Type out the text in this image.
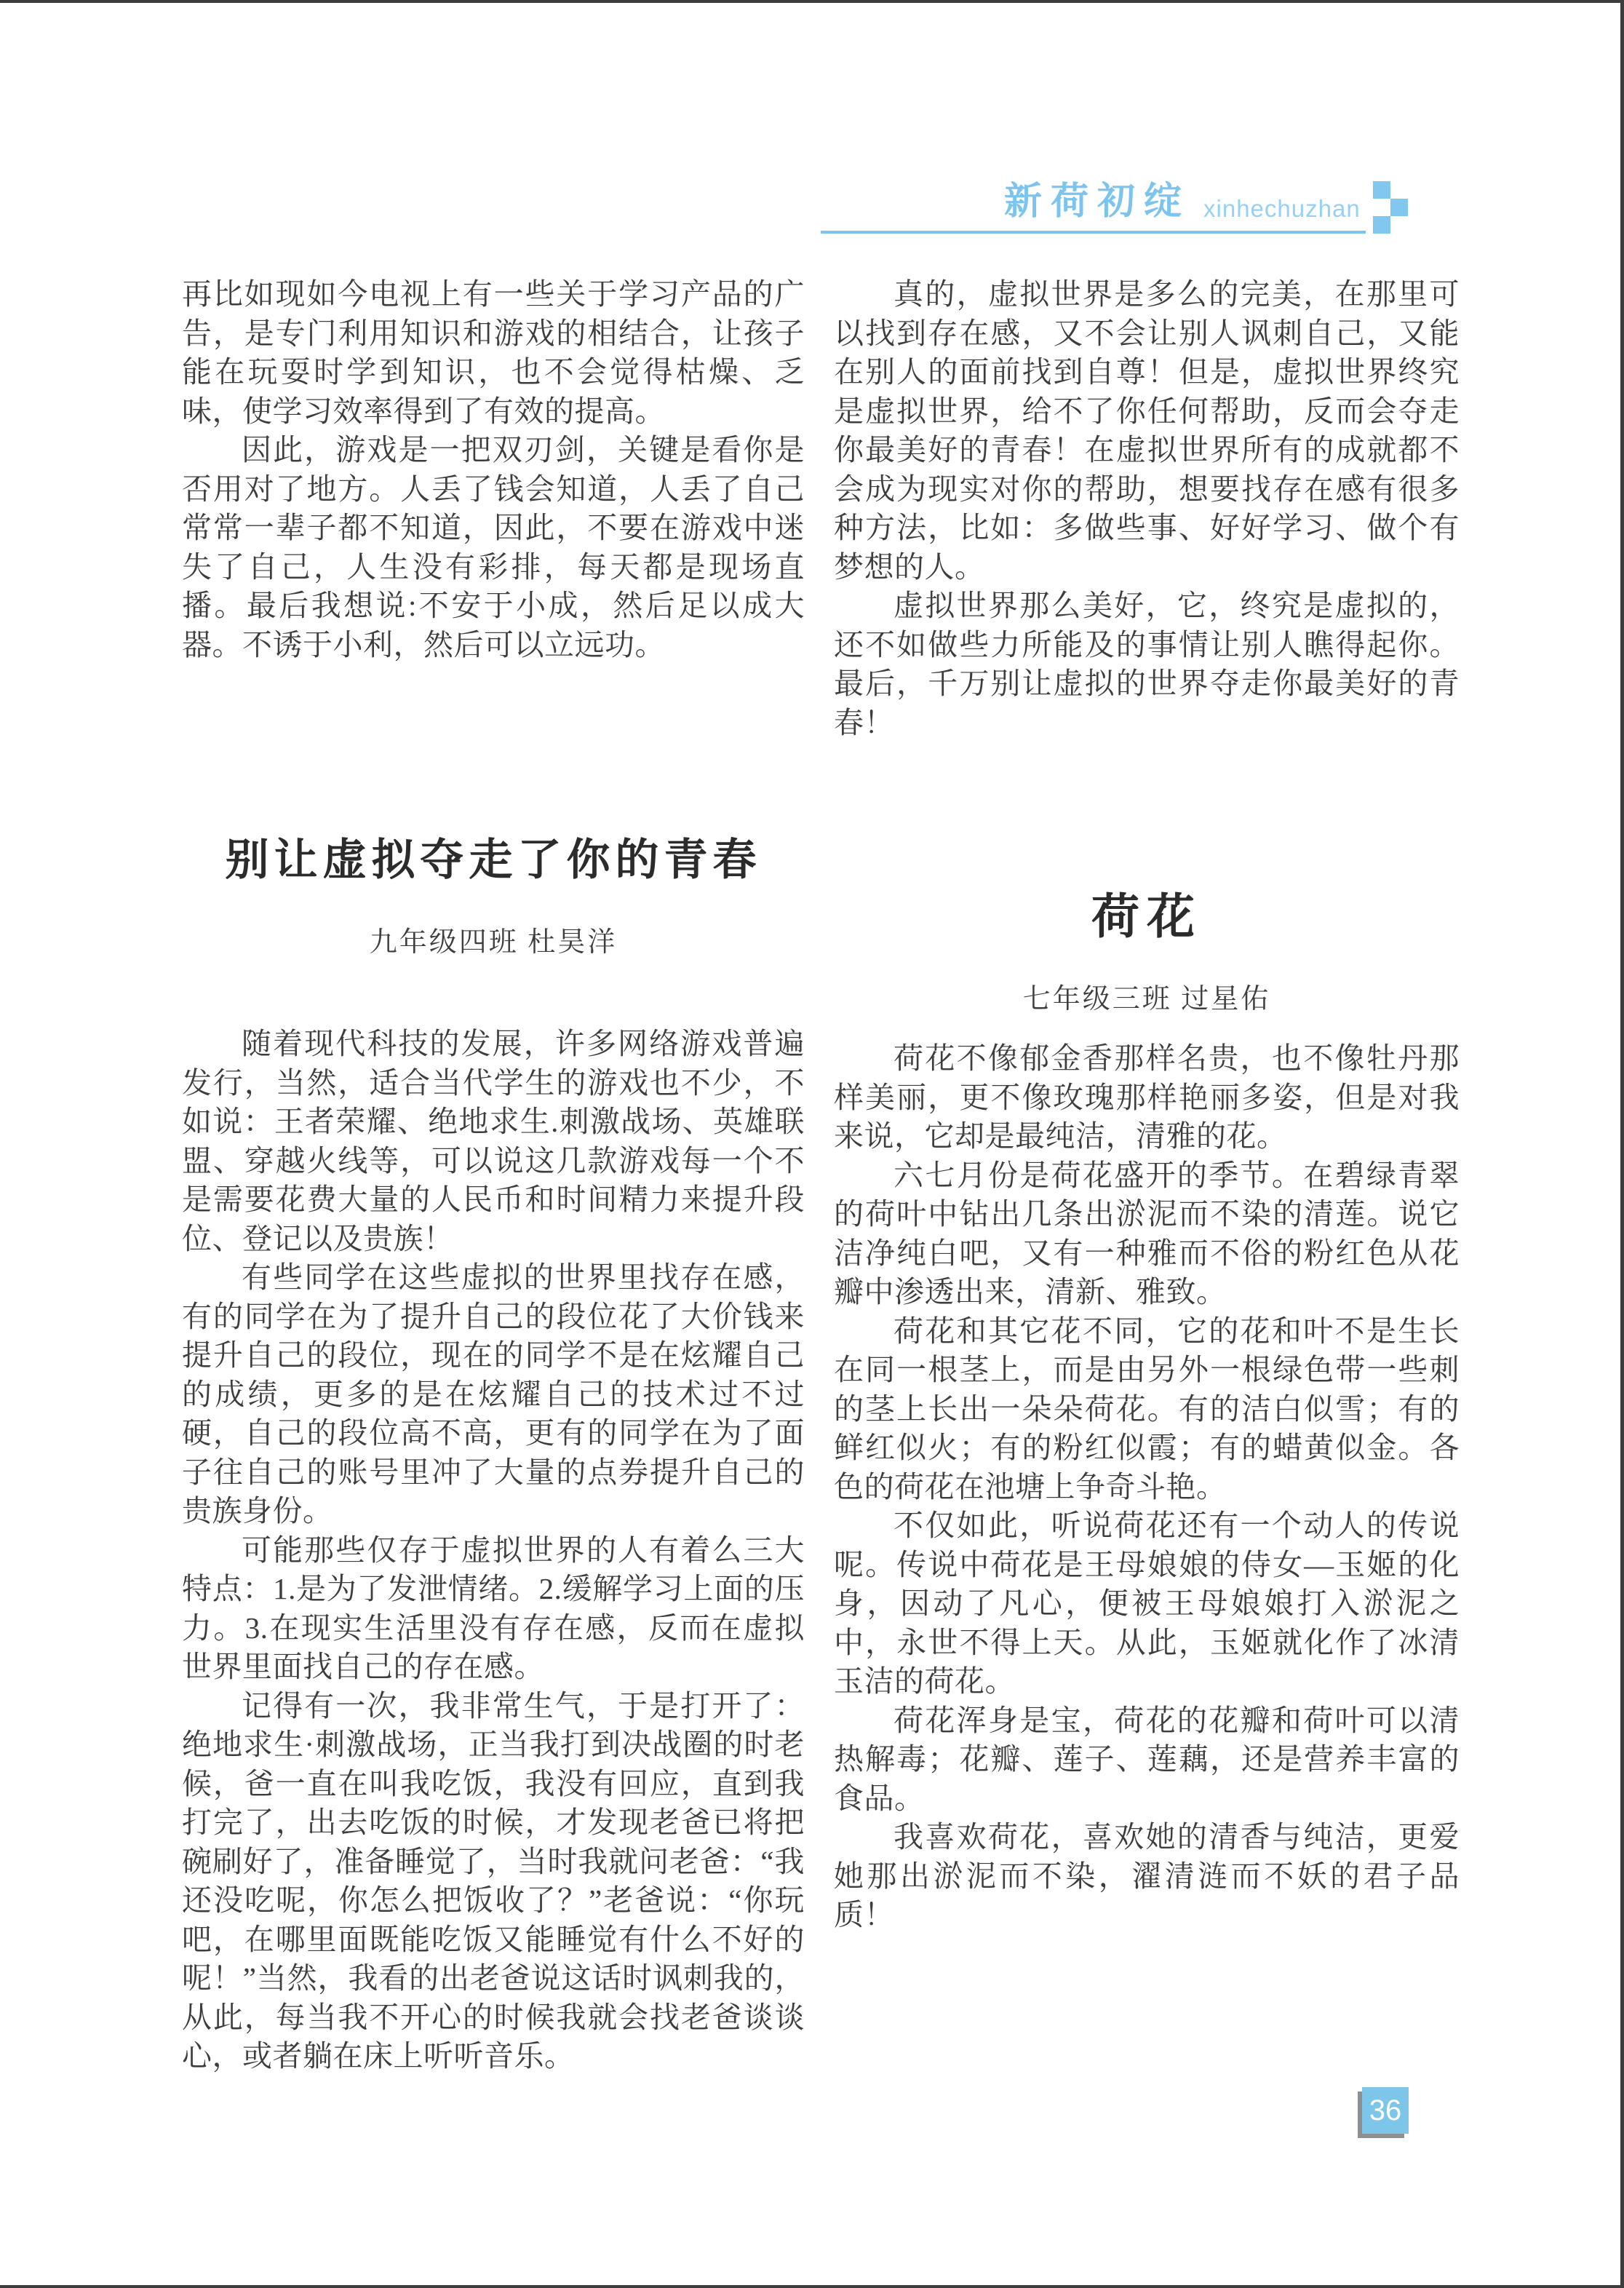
新荷初绽 xinhechuzhan

再比如现如今电视上有一些关于学习产品的广告，是专门利用知识和游戏的相结合，让孩子能在玩耍时学到知识，也不会觉得枯燥、乏味，使学习效率得到了有效的提高。

因此，游戏是一把双刃剑，关键是看你是否用对了地方。人丢了钱会知道，人丢了自己常常一辈子都不知道，因此，不要在游戏中迷失了自己，人生没有彩排，每天都是现场直播。最后我想说:不安于小成，然后足以成大器。不诱于小利，然后可以立远功。

真的，虚拟世界是多么的完美，在那里可以找到存在感，又不会让别人讽刺自己，又能在别人的面前找到自尊！但是，虚拟世界终究是虚拟世界，给不了你任何帮助，反而会夺走你最美好的青春！在虚拟世界所有的成就都不会成为现实对你的帮助，想要找存在感有很多种方法，比如：多做些事、好好学习、做个有梦想的人。

虚拟世界那么美好，它，终究是虚拟的，还不如做些力所能及的事情让别人瞧得起你。最后，千万别让虚拟的世界夺走你最美好的青春！

别让虚拟夺走了你的青春
九年级四班 杜昊洋

随着现代科技的发展，许多网络游戏普遍发行，当然，适合当代学生的游戏也不少，不如说：王者荣耀、绝地求生.刺激战场、英雄联盟、穿越火线等，可以说这几款游戏每一个不是需要花费大量的人民币和时间精力来提升段位、登记以及贵族！

有些同学在这些虚拟的世界里找存在感，有的同学在为了提升自己的段位花了大价钱来提升自己的段位，现在的同学不是在炫耀自己的成绩，更多的是在炫耀自己的技术过不过硬，自己的段位高不高，更有的同学在为了面子往自己的账号里冲了大量的点券提升自己的贵族身份。

可能那些仅存于虚拟世界的人有着么三大特点：1.是为了发泄情绪。2.缓解学习上面的压力。3.在现实生活里没有存在感，反而在虚拟世界里面找自己的存在感。

记得有一次，我非常生气，于是打开了：绝地求生·刺激战场，正当我打到决战圈的时老候，爸一直在叫我吃饭，我没有回应，直到我打完了，出去吃饭的时候，才发现老爸已将把碗刷好了，准备睡觉了，当时我就问老爸：“我还没吃呢，你怎么把饭收了？”老爸说：“你玩吧，在哪里面既能吃饭又能睡觉有什么不好的呢！”当然，我看的出老爸说这话时讽刺我的，从此，每当我不开心的时候我就会找老爸谈谈心，或者躺在床上听听音乐。

荷花
七年级三班 过星佑

荷花不像郁金香那样名贵，也不像牡丹那样美丽，更不像玫瑰那样艳丽多姿，但是对我来说，它却是最纯洁，清雅的花。

六七月份是荷花盛开的季节。在碧绿青翠的荷叶中钻出几条出淤泥而不染的清莲。说它洁净纯白吧，又有一种雅而不俗的粉红色从花瓣中渗透出来，清新、雅致。

荷花和其它花不同，它的花和叶不是生长在同一根茎上，而是由另外一根绿色带一些刺的茎上长出一朵朵荷花。有的洁白似雪；有的鲜红似火；有的粉红似霞；有的蜡黄似金。各色的荷花在池塘上争奇斗艳。

不仅如此，听说荷花还有一个动人的传说呢。传说中荷花是王母娘娘的侍女—玉姬的化身，因动了凡心，便被王母娘娘打入淤泥之中，永世不得上天。从此，玉姬就化作了冰清玉洁的荷花。

荷花浑身是宝，荷花的花瓣和荷叶可以清热解毒；花瓣、莲子、莲藕，还是营养丰富的食品。

我喜欢荷花，喜欢她的清香与纯洁，更爱她那出淤泥而不染，濯清涟而不妖的君子品质！

36
